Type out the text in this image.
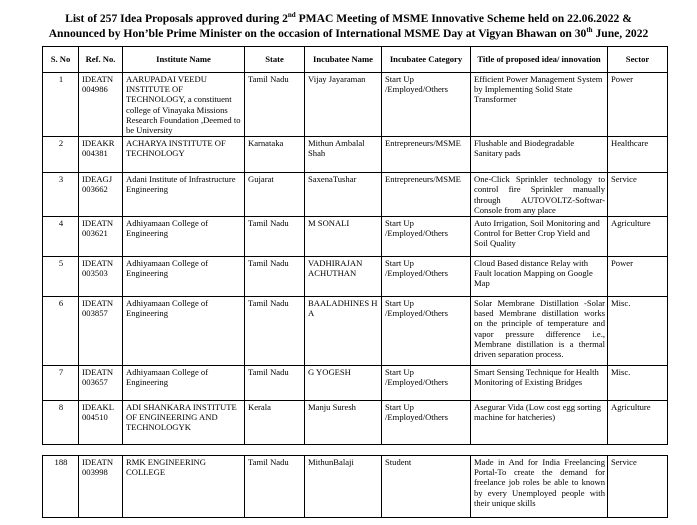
List of 257 Idea Proposals approved during 2nd PMAC Meeting of MSME Innovative Scheme held on 22.06.2022 &
Announced by Hon’ble Prime Minister on the occasion of International MSME Day at Vigyan Bhawan on 30th June, 2022
S. No	Ref. No.	Institute Name	State	Incubatee Name	Incubatee Category	Title of proposed idea/ innovation	Sector
1	IDEATN 004986	AARUPADAI VEEDU INSTITUTE OF TECHNOLOGY, a constituent college of Vinayaka Missions Research Foundation ,Deemed to be University	Tamil Nadu	Vijay Jayaraman	Start Up /Employed/Others	Efficient Power Management System by Implementing Solid State Transformer	Power
2	IDEAKR 004381	ACHARYA INSTITUTE OF TECHNOLOGY	Karnataka	Mithun Ambalal Shah	Entrepreneurs/MSME	Flushable and Biodegradable Sanitary pads	Healthcare
3	IDEAGJ 003662	Adani Institute of Infrastructure Engineering	Gujarat	SaxenaTushar	Entrepreneurs/MSME	One-Click Sprinkler technology to control fire Sprinkler manually through AUTOVOLTZ-Softwar-Console from any place	Service
4	IDEATN 003621	Adhiyamaan College of Engineering	Tamil Nadu	M SONALI	Start Up /Employed/Others	Auto Irrigation, Soil Monitoring and Control for Better Crop Yield and Soil Quality	Agriculture
5	IDEATN 003503	Adhiyamaan College of Engineering	Tamil Nadu	VADHIRAJAN ACHUTHAN	Start Up /Employed/Others	Cloud Based distance Relay with Fault location Mapping on Google Map	Power
6	IDEATN 003857	Adhiyamaan College of Engineering	Tamil Nadu	BAALADHINES H A	Start Up /Employed/Others	Solar Membrane Distillation -Solar based Membrane distillation works on the principle of temperature and vapor pressure difference i.e., Membrane distillation is a thermal driven separation process.	Misc.
7	IDEATN 003657	Adhiyamaan College of Engineering	Tamil Nadu	G YOGESH	Start Up /Employed/Others	Smart Sensing Technique for Health Monitoring of Existing Bridges	Misc.
8	IDEAKL 004510	ADI SHANKARA INSTITUTE OF ENGINEERING AND TECHNOLOGYK	Kerala	Manju Suresh	Start Up /Employed/Others	Asegurar Vida (Low cost egg sorting machine for hatcheries)	Agriculture
188	IDEATN 003998	RMK ENGINEERING COLLEGE	Tamil Nadu	MithunBalaji	Student	Made in And for India Freelancing Portal-To create the demand for freelance job roles be able to known by every Unemployed people with their unique skills	Service
